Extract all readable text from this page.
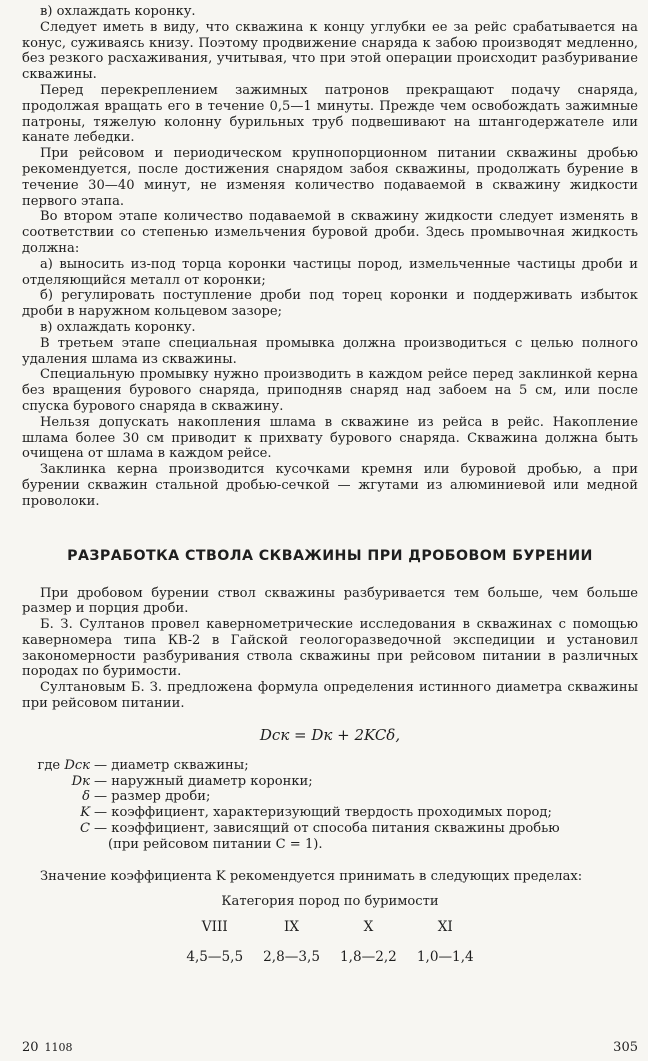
в) охлаждать коронку.

Следует иметь в виду, что скважина к концу углубки ее за рейс срабатывается на конус, суживаясь книзу. Поэтому продвижение снаряда к забою производят медленно, без резкого расхаживания, учитывая, что при этой операции происходит разбуривание скважины.

Перед перекреплением зажимных патронов прекращают подачу снаряда, продолжая вращать его в течение 0,5—1 минуты. Прежде чем освобождать зажимные патроны, тяжелую колонну бурильных труб подвешивают на штангодержателе или канате лебедки.

При рейсовом и периодическом крупнопорционном питании скважины дробью рекомендуется, после достижения снарядом забоя скважины, продолжать бурение в течение 30—40 минут, не изменяя количество подаваемой в скважину жидкости первого этапа.

Во втором этапе количество подаваемой в скважину жидкости следует изменять в соответствии со степенью измельчения буровой дроби. Здесь промывочная жидкость должна:

а) выносить из-под торца коронки частицы пород, измельченные частицы дроби и отделяющийся металл от коронки;

б) регулировать поступление дроби под торец коронки и поддерживать избыток дроби в наружном кольцевом зазоре;

в) охлаждать коронку.

В третьем этапе специальная промывка должна производиться с целью полного удаления шлама из скважины.

Специальную промывку нужно производить в каждом рейсе перед заклинкой керна без вращения бурового снаряда, приподняв снаряд над забоем на 5 см, или после спуска бурового снаряда в скважину.

Нельзя допускать накопления шлама в скважине из рейса в рейс. Накопление шлама более 30 см приводит к прихвату бурового снаряда. Скважина должна быть очищена от шлама в каждом рейсе.

Заклинка керна производится кусочками кремня или буровой дробью, а при бурении скважин стальной дробью-сечкой — жгутами из алюминиевой или медной проволоки.

РАЗРАБОТКА СТВОЛА СКВАЖИНЫ ПРИ ДРОБОВОМ БУРЕНИИ

При дробовом бурении ствол скважины разбуривается тем больше, чем больше размер и порция дроби.

Б. З. Султанов провел кавернометрические исследования в скважинах с помощью каверномера типа КВ-2 в Гайской геологоразведочной экспедиции и установил закономерности разбуривания ствола скважины при рейсовом питании в различных породах по буримости.

Султановым Б. З. предложена формула определения истинного диаметра скважины при рейсовом питании.

Dск = Dк + 2KCδ,
где Dск — диаметр скважины;
Dк — наружный диаметр коронки;
δ — размер дроби;
K — коэффициент, характеризующий твердость проходимых пород;
C — коэффициент, зависящий от способа питания скважины дробью
(при рейсовом питании С = 1).

Значение коэффициента K рекомендуется принимать в следующих пределах:

Категория пород по буримости
VIII	IX	X	XI
4,5—5,5	2,8—3,5	1,8—2,2	1,0—1,4
20 1108	305
